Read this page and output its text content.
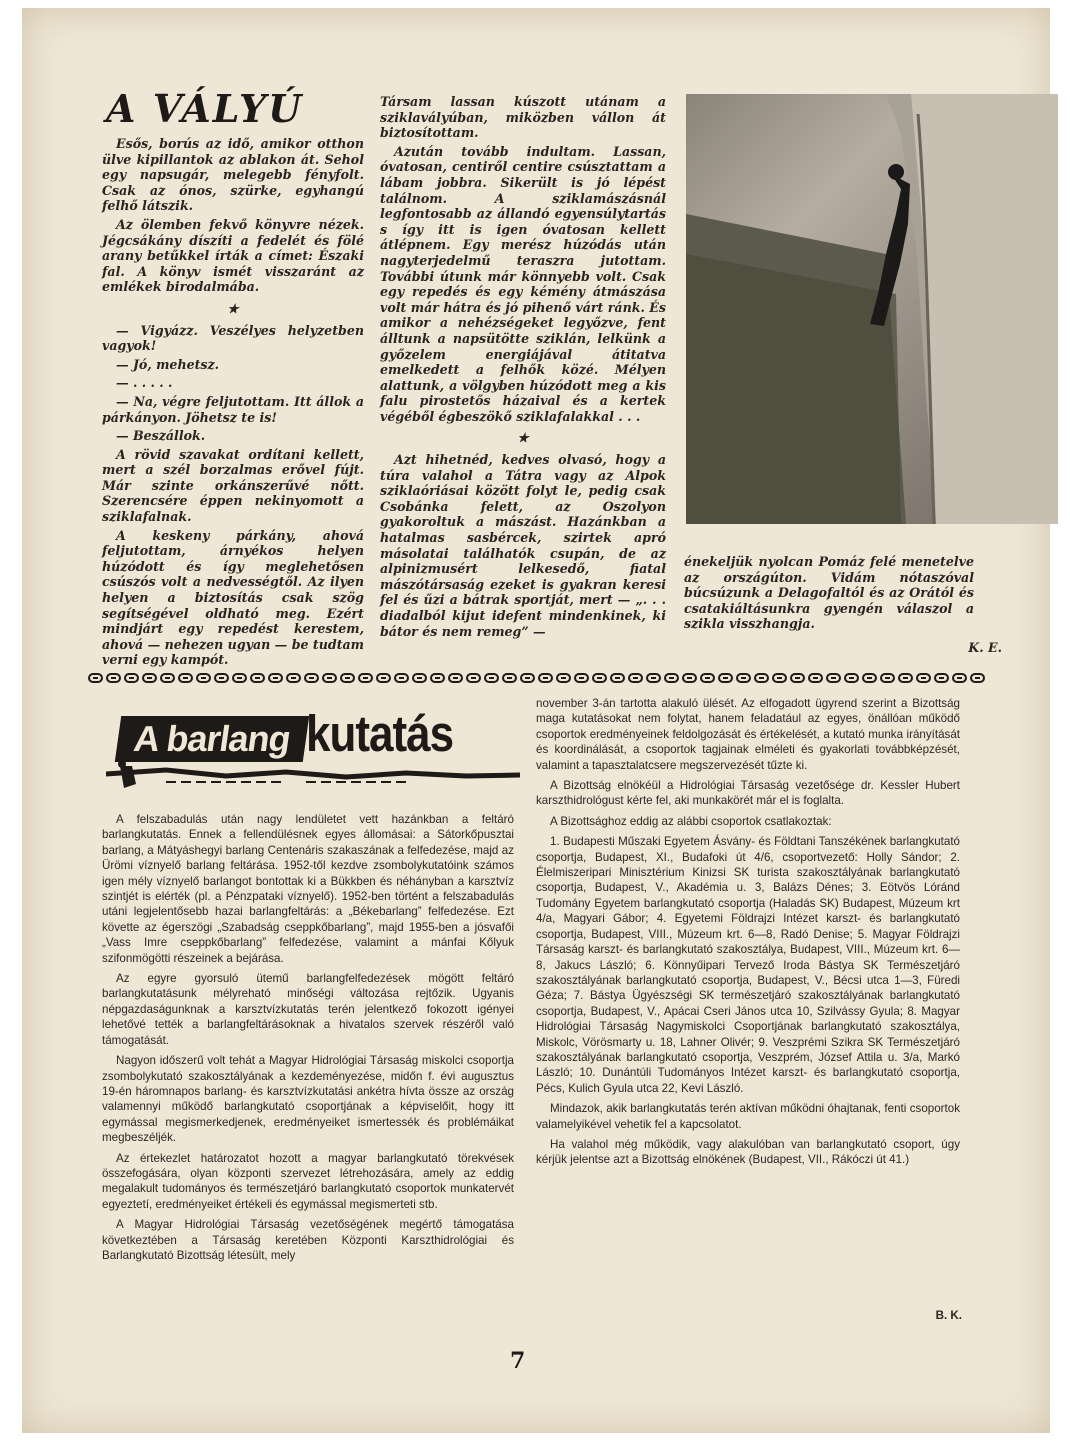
A VÁLYÚ

Esős, borús az idő, amikor otthon ülve kipillantok az ablakon át. Sehol egy napsugár, melegebb fényfolt. Csak az ónos, szürke, egyhangú felhő látszik.

Az ölemben fekvő könyvre nézek. Jégcsákány díszíti a fedelét és fölé arany betűkkel írták a címet: Északi fal. A könyv ismét visszaránt az emlékek birodalmába.

★

— Vigyázz. Veszélyes helyzetben vagyok!

— Jó, mehetsz.

— . . . . .

— Na, végre feljutottam. Itt állok a párkányon. Jöhetsz te is!

— Beszállok.

A rövid szavakat ordítani kellett, mert a szél borzalmas erővel fújt. Már szinte orkánszerűvé nőtt. Szerencsére éppen nekinyomott a sziklafalnak.

A keskeny párkány, ahová feljutottam, árnyékos helyen húzódott és így meglehetősen csúszós volt a nedvességtől. Az ilyen helyen a biztosítás csak szög segítségével oldható meg. Ezért mindjárt egy repedést kerestem, ahová — nehezen ugyan — be tudtam verni egy kampót.

Társam lassan kúszott utánam a sziklavályúban, miközben vállon át biztosítottam.

Azután tovább indultam. Lassan, óvatosan, centiről centire csúsztattam a lábam jobbra. Sikerült is jó lépést találnom. A sziklamászásnál legfontosabb az állandó egyensúlytartás s így itt is igen óvatosan kellett átlépnem. Egy merész húzódás után nagyterjedelmű teraszra jutottam. További útunk már könnyebb volt. Csak egy repedés és egy kémény átmászása volt már hátra és jó pihenő várt ránk. És amikor a nehézségeket legyőzve, fent álltunk a napsütötte sziklán, lelkünk a győzelem energiájával átitatva emelkedett a felhők közé. Mélyen alattunk, a völgyben húzódott meg a kis falu pirostetős házaival és a kertek végéből égbeszökő sziklafalakkal . . .

★

Azt hihetnéd, kedves olvasó, hogy a túra valahol a Tátra vagy az Alpok sziklaóriásai között folyt le, pedig csak Csobánka felett, az Oszolyon gyakoroltuk a mászást. Hazánkban a hatalmas sasbércek, szirtek apró másolatai találhatók csupán, de az alpinizmusért lelkesedő, fiatal mászótársaság ezeket is gyakran keresi fel és űzi a bátrak sportját, mert — „. . . diadalból kijut idefent mindenkinek, ki bátor és nem remeg” —

énekeljük nyolcan Pomáz felé menetelve az országúton. Vidám nótaszóval búcsúzunk a Delagofaltól és az Orától és csatakiáltásunkra gyengén válaszol a szikla visszhangja.

K. E.
A barlang kutatás

A felszabadulás után nagy lendületet vett hazánkban a feltáró barlangkutatás. Ennek a fellendülésnek egyes állomásai: a Sátorkőpusztai barlang, a Mátyáshegyi barlang Centenáris szakaszának a felfedezése, majd az Ürömi víznyelő barlang feltárása. 1952-től kezdve zsombolykutatóink számos igen mély víznyelő barlangot bontottak ki a Bükkben és néhányban a karsztvíz szintjét is elérték (pl. a Pénzpataki víznyelő). 1952-ben történt a felszabadulás utáni legjelentősebb hazai barlangfeltárás: a „Békebarlang” felfedezése. Ezt követte az égerszögi „Szabadság cseppkőbarlang”, majd 1955-ben a jósvafői „Vass Imre cseppkőbarlang” felfedezése, valamint a mánfai Kőlyuk szifonmögötti részeinek a bejárása.

Az egyre gyorsuló ütemű barlangfelfedezések mögött feltáró barlangkutatásunk mélyreható minőségi változása rejtőzik. Ugyanis népgazdaságunknak a karsztvízkutatás terén jelentkező fokozott igényei lehetővé tették a barlangfeltárásoknak a hivatalos szervek részéről való támogatását.

Nagyon időszerű volt tehát a Magyar Hidrológiai Társaság miskolci csoportja zsombolykutató szakosztályának a kezdeményezése, midőn f. évi augusztus 19-én háromnapos barlang- és karsztvízkutatási ankétra hívta össze az ország valamennyi működő barlangkutató csoportjának a képviselőit, hogy itt egymással megismerkedjenek, eredményeiket ismertessék és problémáikat megbeszéljék.

Az értekezlet határozatot hozott a magyar barlangkutató törekvések összefogására, olyan központi szervezet létrehozására, amely az eddig megalakult tudományos és természetjáró barlangkutató csoportok munkatervét egyeztetí, eredményeiket értékeli és egymással megismerteti stb.

A Magyar Hidrológiai Társaság vezetőségének megértő támogatása következtében a Társaság keretében Központi Karszthidrológiai és Barlangkutató Bizottság létesült, mely

november 3-án tartotta alakuló ülését. Az elfogadott ügyrend szerint a Bizottság maga kutatásokat nem folytat, hanem feladatául az egyes, önállóan működő csoportok eredményeinek feldolgozását és értékelését, a kutató munka irányítását és koordinálását, a csoportok tagjainak elméleti és gyakorlati továbbképzését, valamint a tapasztalatcsere megszervezését tűzte ki.

A Bizottság elnökéül a Hidrológiai Társaság vezetősége dr. Kessler Hubert karszthidrológust kérte fel, aki munkakörét már el is foglalta.

A Bizottsághoz eddig az alábbi csoportok csatlakoztak:

1. Budapesti Műszaki Egyetem Ásvány- és Földtani Tanszékének barlangkutató csoportja, Budapest, XI., Budafoki út 4/6, csoportvezető: Holly Sándor; 2. Élelmiszeripari Minisztérium Kinizsi SK turista szakosztályának barlangkutató csoportja, Budapest, V., Akadémia u. 3, Balázs Dénes; 3. Eötvös Lóránd Tudomány Egyetem barlangkutató csoportja (Haladás SK) Budapest, Múzeum krt 4/a, Magyari Gábor; 4. Egyetemi Földrajzi Intézet karszt- és barlangkutató csoportja, Budapest, VIII., Múzeum krt. 6—8, Radó Denise; 5. Magyar Földrajzi Társaság karszt- és barlangkutató szakosztálya, Budapest, VIII., Múzeum krt. 6—8, Jakucs László; 6. Könnyűipari Tervező Iroda Bástya SK Természetjáró szakosztályának barlangkutató csoportja, Budapest, V., Bécsi utca 1—3, Füredi Géza; 7. Bástya Ügyészségi SK természetjáró szakosztályának barlangkutató csoportja, Budapest, V., Apácai Cseri János utca 10, Szilvássy Gyula; 8. Magyar Hidrológiai Társaság Nagymiskolci Csoportjának barlangkutató szakosztálya, Miskolc, Vörösmarty u. 18, Lahner Olivér; 9. Veszprémi Szikra SK Természetjáró szakosztályának barlangkutató csoportja, Veszprém, József Attila u. 3/a, Markó László; 10. Dunántúli Tudományos Intézet karszt- és barlangkutató csoportja, Pécs, Kulich Gyula utca 22, Kevi László.

Mindazok, akik barlangkutatás terén aktívan működni óhajtanak, fenti csoportok valamelyikével vehetik fel a kapcsolatot.

Ha valahol még működik, vagy alakulóban van barlangkutató csoport, úgy kérjük jelentse azt a Bizottság elnökének (Budapest, VII., Rákóczi út 41.)

B. K.
7
